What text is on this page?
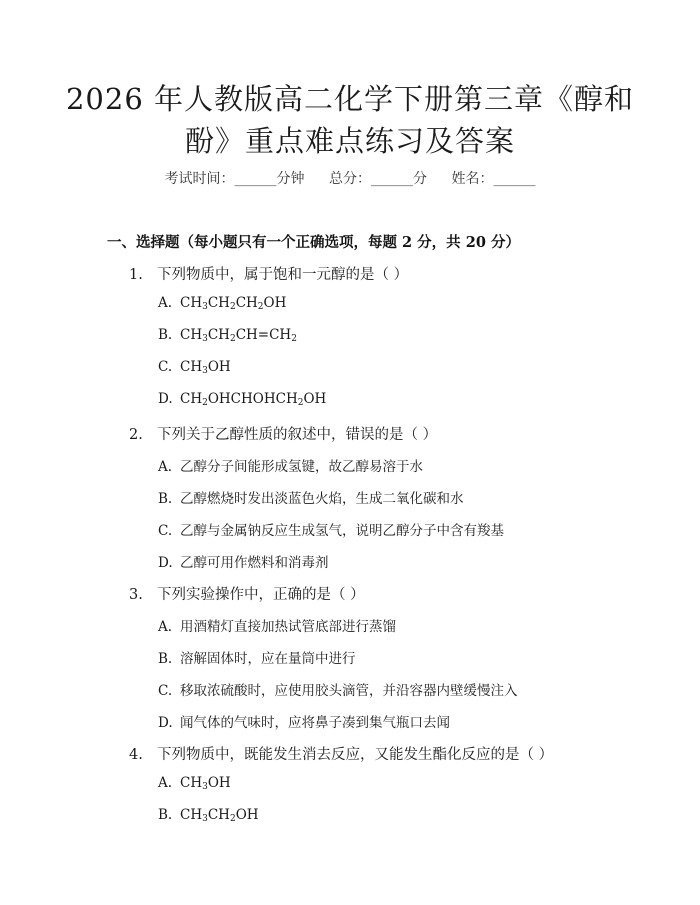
2026 年人教版高二化学下册第三章《醇和
酚》重点难点练习及答案
考试时间：______分钟 总分：______分 姓名：______
一、选择题（每小题只有一个正确选项，每题 2 分，共 20 分）
1. 下列物质中，属于饱和一元醇的是（ ）
A. $CH_3CH_2CH_2OH$
B. $CH_3CH_2CH=CH_2$
C. $CH_3OH$
D. $CH_2OHCHOHCH_2OH$
2. 下列关于乙醇性质的叙述中，错误的是（ ）
A. 乙醇分子间能形成氢键，故乙醇易溶于水
B. 乙醇燃烧时发出淡蓝色火焰，生成二氧化碳和水
C. 乙醇与金属钠反应生成氢气，说明乙醇分子中含有羧基
D. 乙醇可用作燃料和消毒剂
3. 下列实验操作中，正确的是（ ）
A. 用酒精灯直接加热试管底部进行蒸馏
B. 溶解固体时，应在量筒中进行
C. 移取浓硫酸时，应使用胶头滴管，并沿容器内壁缓慢注入
D. 闻气体的气味时，应将鼻子凑到集气瓶口去闻
4. 下列物质中，既能发生消去反应，又能发生酯化反应的是（ ）
A. $CH_3OH$
B. $CH_3CH_2OH$
